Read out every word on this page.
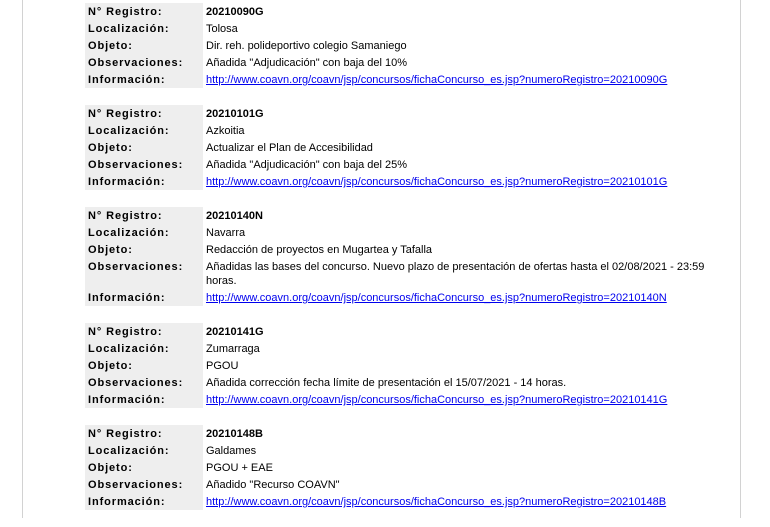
N° Registro:	20210090G
Localización:	Tolosa
Objeto:	Dir. reh. polideportivo colegio Samaniego
Observaciones:	Añadida "Adjudicación" con baja del 10%
Información:	http://www.coavn.org/coavn/jsp/concursos/fichaConcurso_es.jsp?numeroRegistro=20210090G
N° Registro:	20210101G
Localización:	Azkoitia
Objeto:	Actualizar el Plan de Accesibilidad
Observaciones:	Añadida "Adjudicación" con baja del 25%
Información:	http://www.coavn.org/coavn/jsp/concursos/fichaConcurso_es.jsp?numeroRegistro=20210101G
N° Registro:	20210140N
Localización:	Navarra
Objeto:	Redacción de proyectos en Mugartea y Tafalla
Observaciones:	Añadidas las bases del concurso. Nuevo plazo de presentación de ofertas hasta el 02/08/2021 - 23:59 horas.
Información:	http://www.coavn.org/coavn/jsp/concursos/fichaConcurso_es.jsp?numeroRegistro=20210140N
N° Registro:	20210141G
Localización:	Zumarraga
Objeto:	PGOU
Observaciones:	Añadida corrección fecha límite de presentación el 15/07/2021 - 14 horas.
Información:	http://www.coavn.org/coavn/jsp/concursos/fichaConcurso_es.jsp?numeroRegistro=20210141G
N° Registro:	20210148B
Localización:	Galdames
Objeto:	PGOU + EAE
Observaciones:	Añadido "Recurso COAVN"
Información:	http://www.coavn.org/coavn/jsp/concursos/fichaConcurso_es.jsp?numeroRegistro=20210148B
